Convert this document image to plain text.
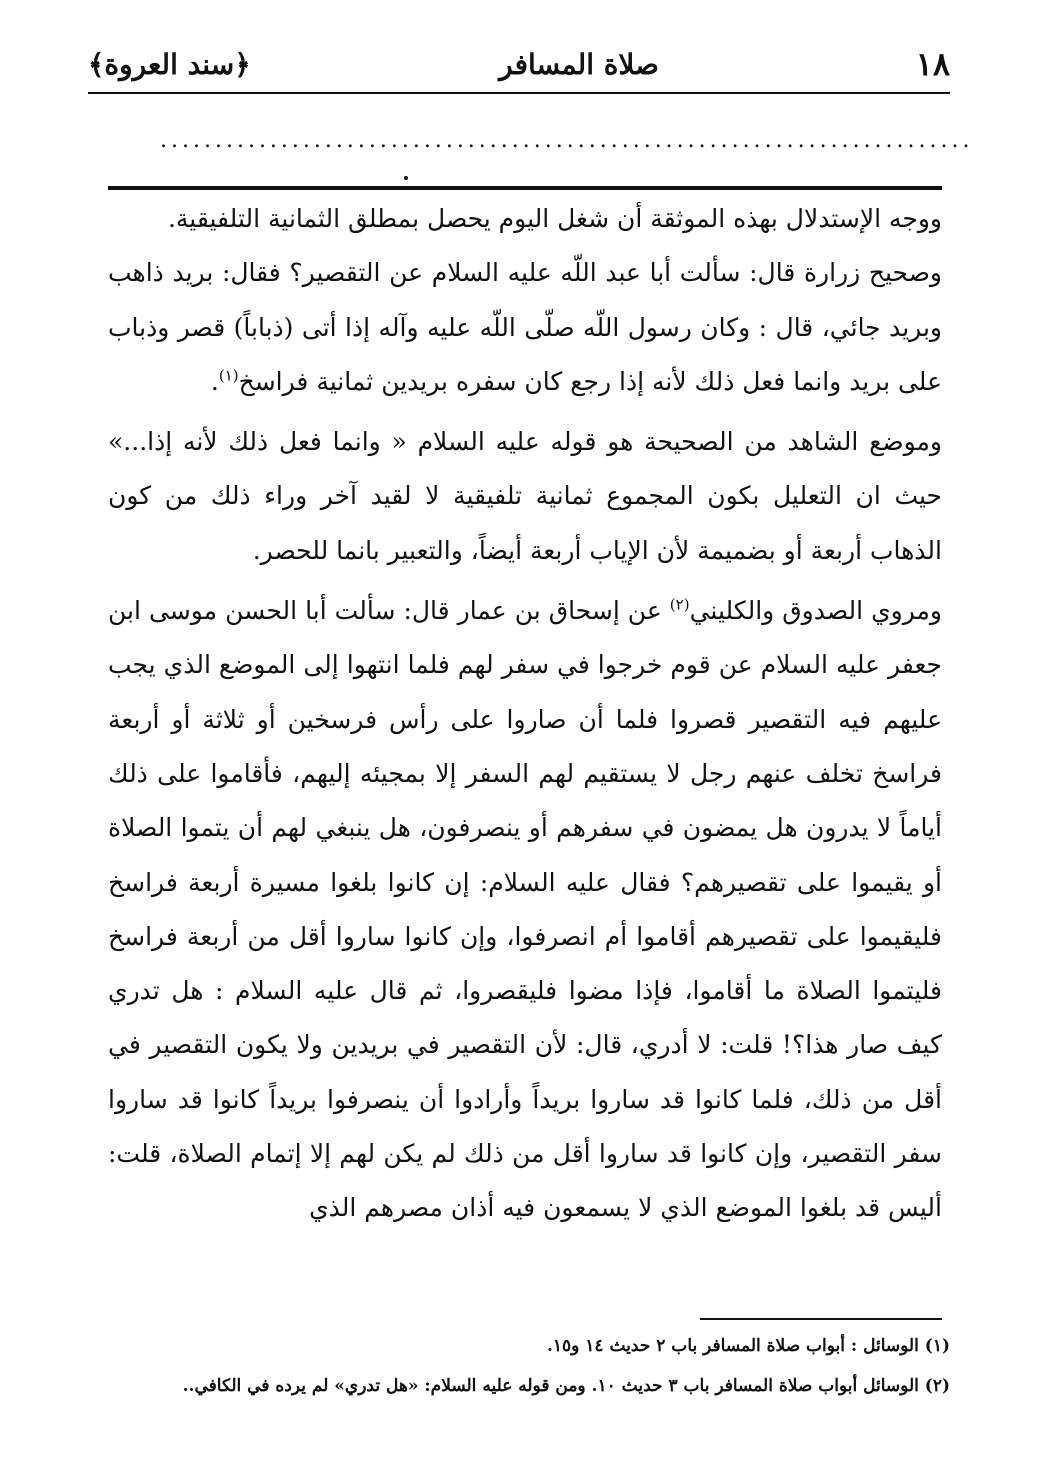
١٨
صلاة المسافر
﴿سند العروة﴾
..........................................................................

ووجه الإستدلال بهذه الموثقة أن شغل اليوم يحصل بمطلق الثمانية التلفيقية.

وصحيح زرارة قال: سألت أبا عبد اللّه عليه السلام عن التقصير؟ فقال: بريد ذاهب وبريد جائي، قال : وكان رسول اللّه صلّى اللّه عليه وآله إذا أتى (ذباباً) قصر وذباب على بريد وانما فعل ذلك لأنه إذا رجع كان سفره بريدين ثمانية فراسخ$^{(١)}$.

وموضع الشاهد من الصحيحة هو قوله عليه السلام « وانما فعل ذلك لأنه إذا...» حيث ان التعليل بكون المجموع ثمانية تلفيقية لا لقيد آخر وراء ذلك من كون الذهاب أربعة أو بضميمة لأن الإياب أربعة أيضاً، والتعبير بانما للحصر.

ومروي الصدوق والكليني$^{(٢)}$ عن إسحاق بن عمار قال: سألت أبا الحسن موسى ابن جعفر عليه السلام عن قوم خرجوا في سفر لهم فلما انتهوا إلى الموضع الذي يجب عليهم فيه التقصير قصروا فلما أن صاروا على رأس فرسخين أو ثلاثة أو أربعة فراسخ تخلف عنهم رجل لا يستقيم لهم السفر إلا بمجيئه إليهم، فأقاموا على ذلك أياماً لا يدرون هل يمضون في سفرهم أو ينصرفون، هل ينبغي لهم أن يتموا الصلاة أو يقيموا على تقصيرهم؟ فقال عليه السلام: إن كانوا بلغوا مسيرة أربعة فراسخ فليقيموا على تقصيرهم أقاموا أم انصرفوا، وإن كانوا ساروا أقل من أربعة فراسخ فليتموا الصلاة ما أقاموا، فإذا مضوا فليقصروا، ثم قال عليه السلام : هل تدري كيف صار هذا؟! قلت: لا أدري، قال: لأن التقصير في بريدين ولا يكون التقصير في أقل من ذلك، فلما كانوا قد ساروا بريداً وأرادوا أن ينصرفوا بريداً كانوا قد ساروا سفر التقصير، وإن كانوا قد ساروا أقل من ذلك لم يكن لهم إلا إتمام الصلاة، قلت: أليس قد بلغوا الموضع الذي لا يسمعون فيه أذان مصرهم الذي

(١) الوسائل : أبواب صلاة المسافر باب ٢ حديث ١٤ و١٥.

(٢) الوسائل أبواب صلاة المسافر باب ٣ حديث ١٠. ومن قوله عليه السلام: «هل تدري» لم يرده في الكافي..
